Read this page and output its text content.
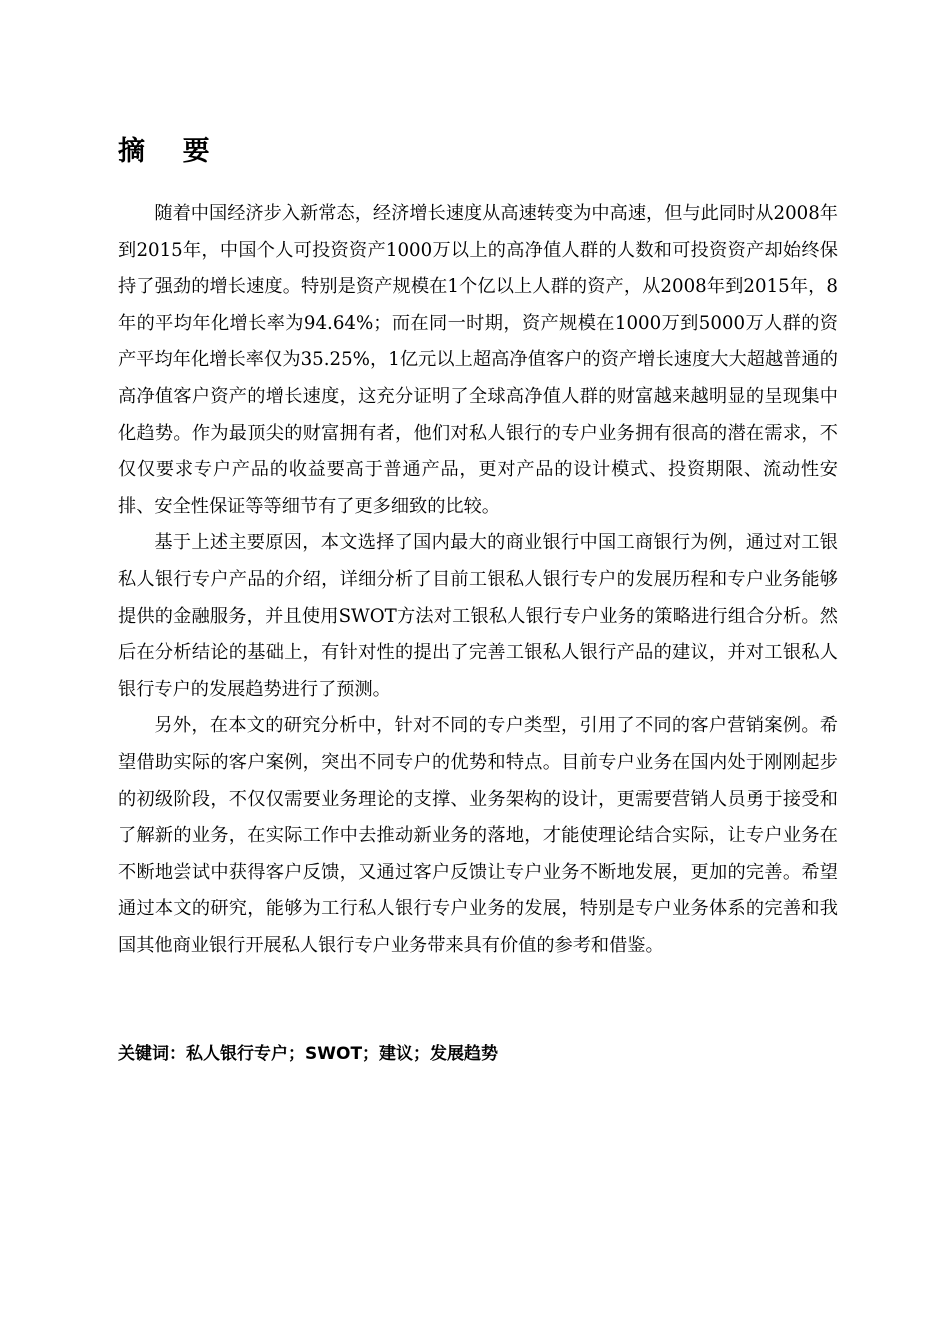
摘    要

随着中国经济步入新常态，经济增长速度从高速转变为中高速，但与此同时从2008年到2015年，中国个人可投资资产1000万以上的高净值人群的人数和可投资资产却始终保持了强劲的增长速度。特别是资产规模在1个亿以上人群的资产，从2008年到2015年，8年的平均年化增长率为94.64%；而在同一时期，资产规模在1000万到5000万人群的资产平均年化增长率仅为35.25%，1亿元以上超高净值客户的资产增长速度大大超越普通的高净值客户资产的增长速度，这充分证明了全球高净值人群的财富越来越明显的呈现集中化趋势。作为最顶尖的财富拥有者，他们对私人银行的专户业务拥有很高的潜在需求，不仅仅要求专户产品的收益要高于普通产品，更对产品的设计模式、投资期限、流动性安排、安全性保证等等细节有了更多细致的比较。

基于上述主要原因，本文选择了国内最大的商业银行中国工商银行为例，通过对工银私人银行专户产品的介绍，详细分析了目前工银私人银行专户的发展历程和专户业务能够提供的金融服务，并且使用SWOT方法对工银私人银行专户业务的策略进行组合分析。然后在分析结论的基础上，有针对性的提出了完善工银私人银行产品的建议，并对工银私人银行专户的发展趋势进行了预测。

另外，在本文的研究分析中，针对不同的专户类型，引用了不同的客户营销案例。希望借助实际的客户案例，突出不同专户的优势和特点。目前专户业务在国内处于刚刚起步的初级阶段，不仅仅需要业务理论的支撑、业务架构的设计，更需要营销人员勇于接受和了解新的业务，在实际工作中去推动新业务的落地，才能使理论结合实际，让专户业务在不断地尝试中获得客户反馈，又通过客户反馈让专户业务不断地发展，更加的完善。希望通过本文的研究，能够为工行私人银行专户业务的发展，特别是专户业务体系的完善和我国其他商业银行开展私人银行专户业务带来具有价值的参考和借鉴。

关键词：私人银行专户；SWOT；建议；发展趋势
